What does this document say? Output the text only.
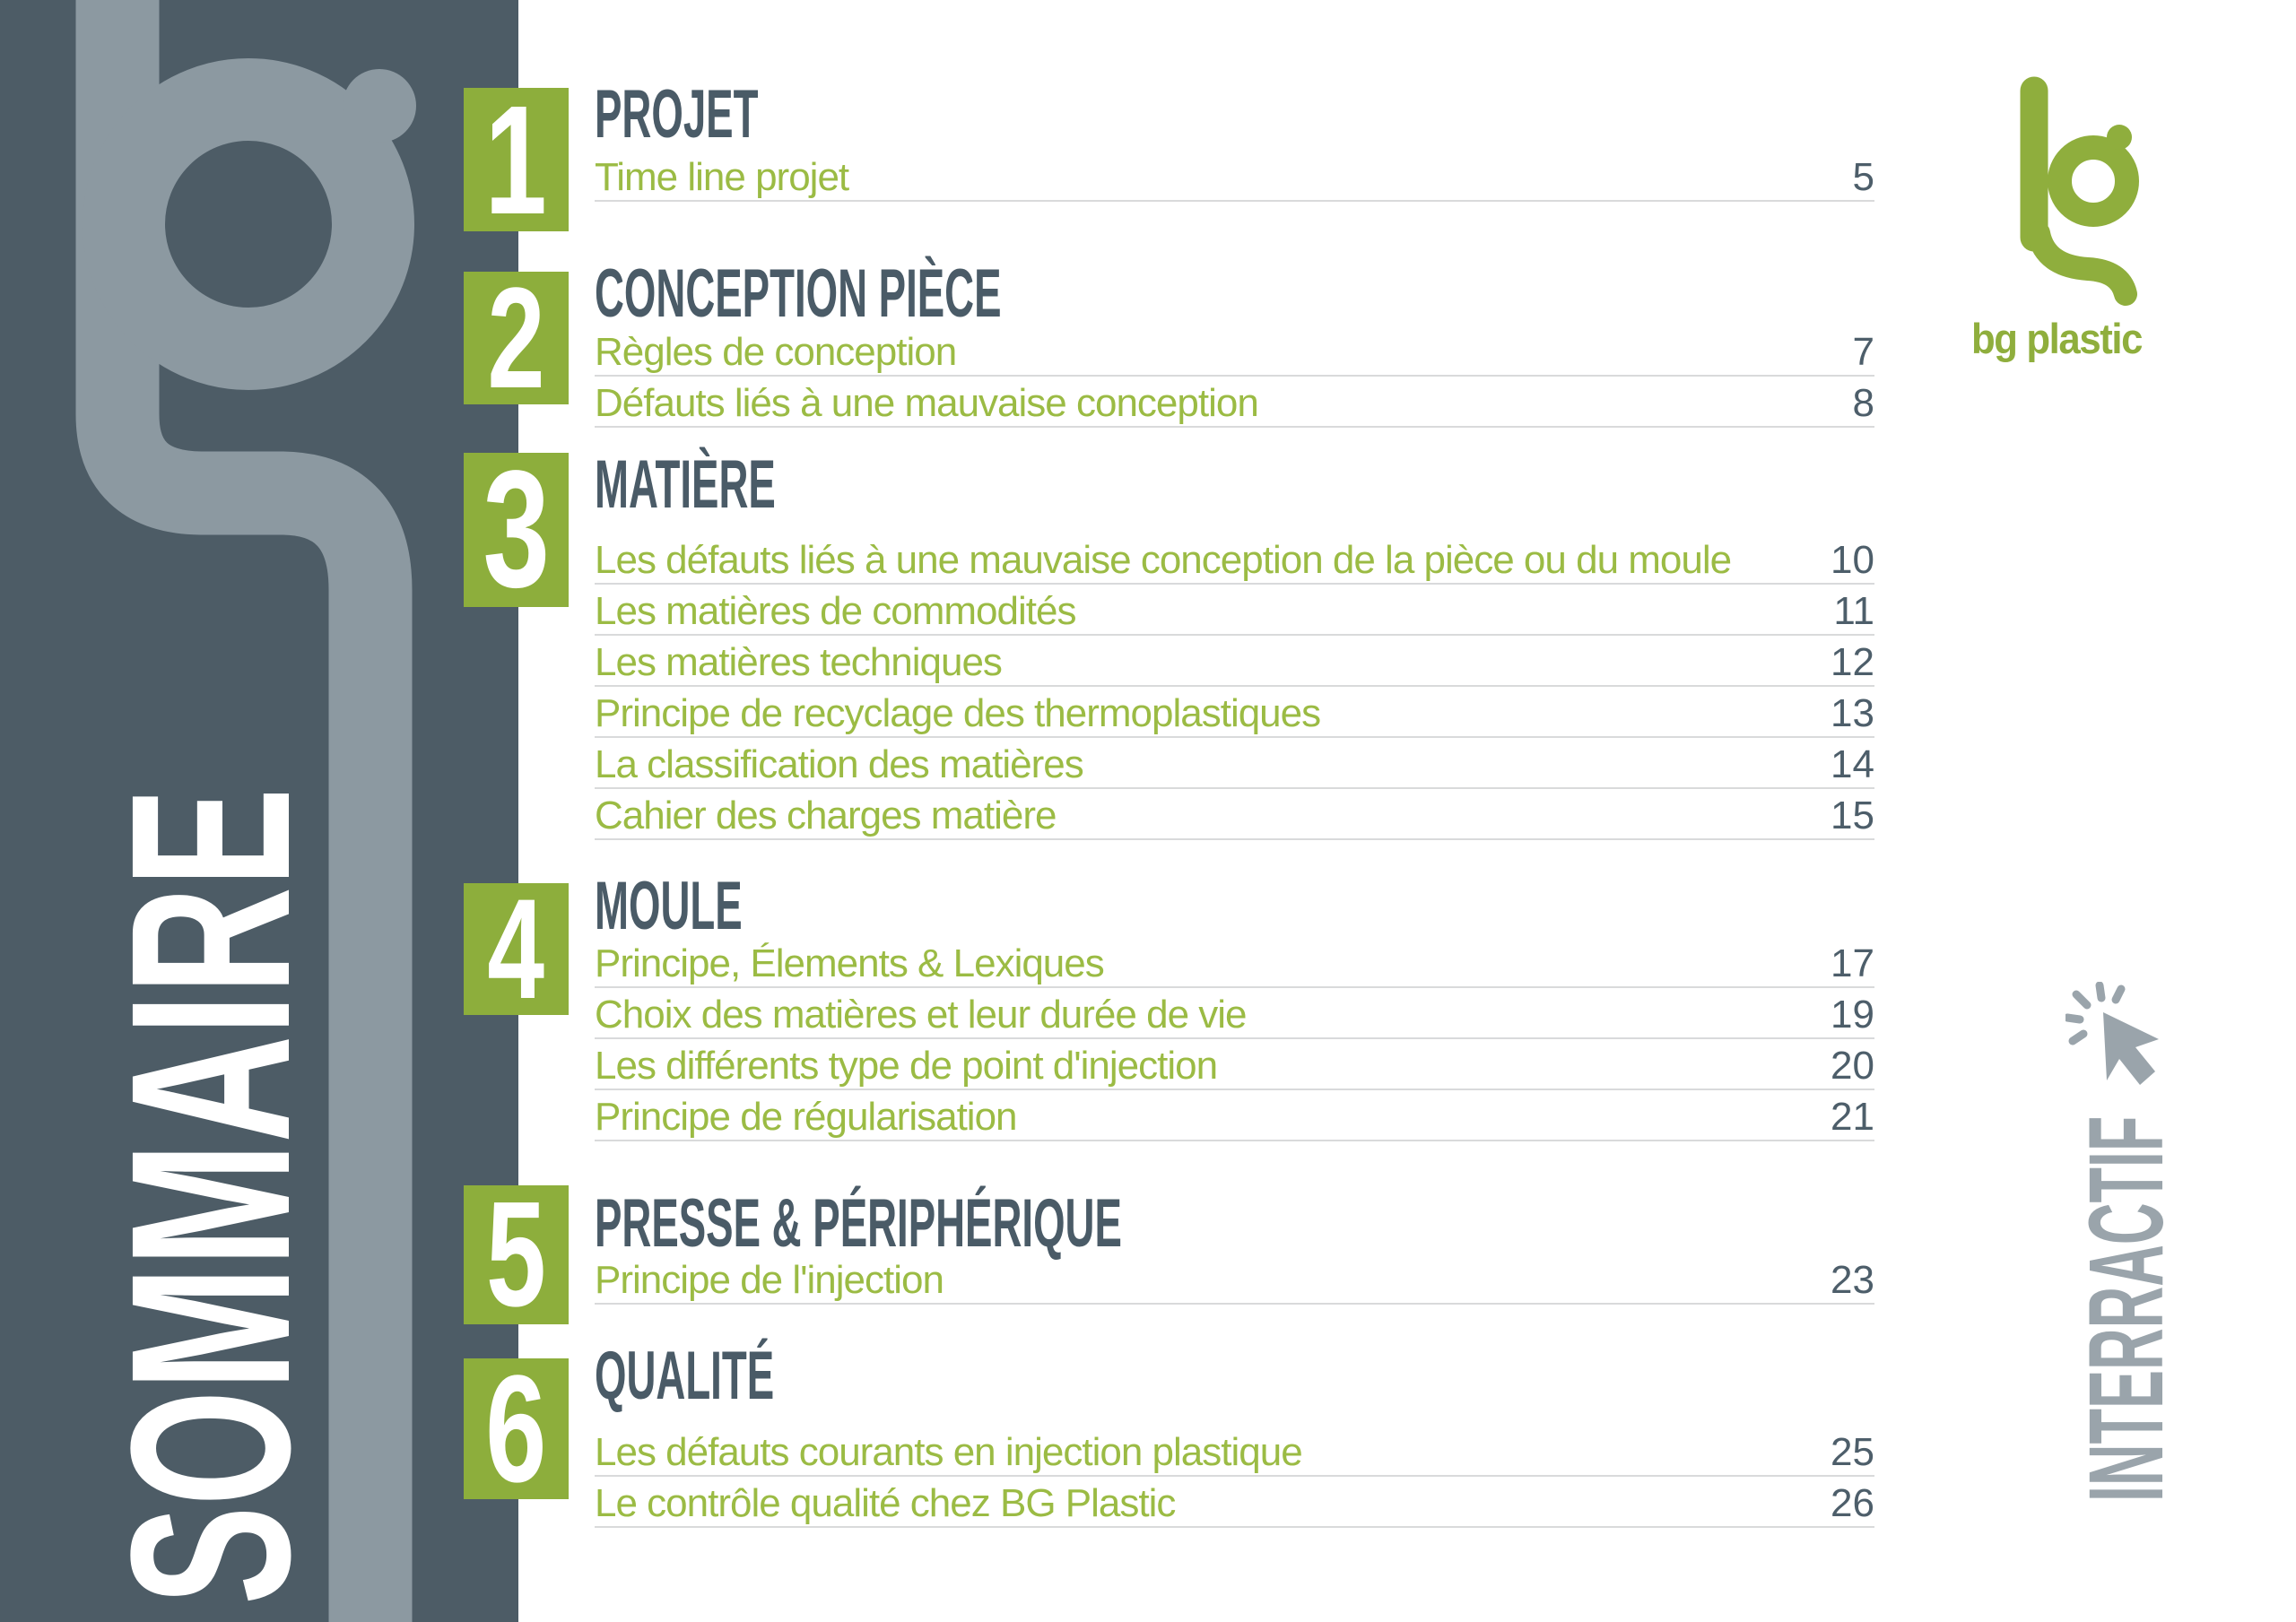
SOMMAIRE
1 PROJET
Time line projet	5
2 CONCEPTION PIÈCE
Règles de conception	7
Défauts liés à une mauvaise conception	8
3 MATIÈRE
Les défauts liés à une mauvaise conception de la pièce ou du moule	10
Les matières de commodités	11
Les matières techniques	12
Principe de recyclage des thermoplastiques	13
La classification des matières	14
Cahier des charges matière	15
4 MOULE
Principe, Élements & Lexiques	17
Choix des matières et leur durée de vie	19
Les différents type de point d'injection	20
Principe de régularisation	21
5 PRESSE & PÉRIPHÉRIQUE
Principe de l'injection	23
6 QUALITÉ
Les défauts courants en injection plastique	25
Le contrôle qualité chez BG Plastic	26
bg plastic
INTERRACTIF
